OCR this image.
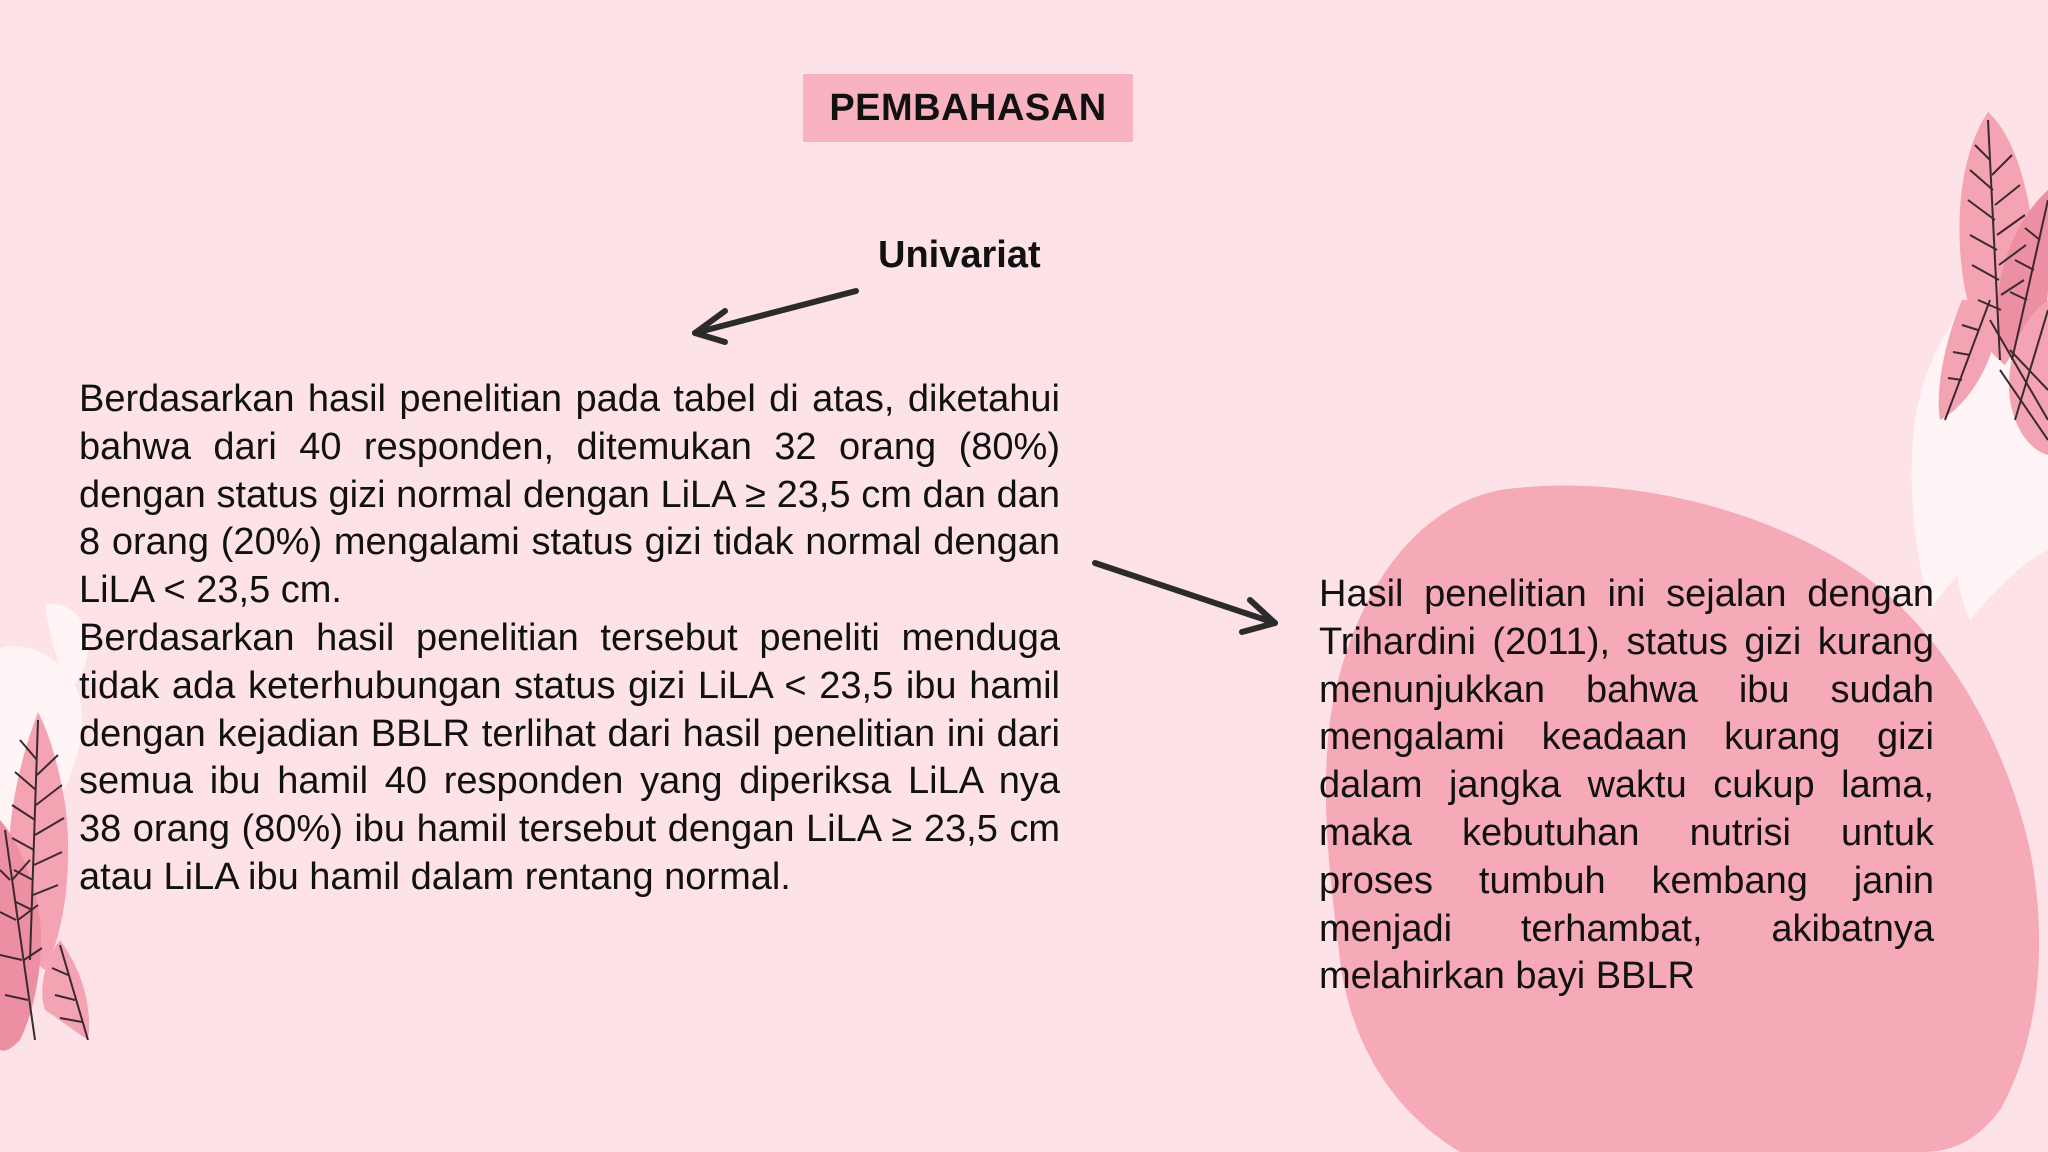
PEMBAHASAN
Univariat

Berdasarkan hasil penelitian pada tabel di atas, diketahui bahwa dari 40 responden, ditemukan 32 orang (80%) dengan status gizi normal dengan LiLA ≥ 23,5 cm dan dan 8 orang (20%) mengalami status gizi tidak normal dengan LiLA < 23,5 cm.

Berdasarkan hasil penelitian tersebut peneliti menduga tidak ada keterhubungan status gizi LiLA < 23,5 ibu hamil dengan kejadian BBLR terlihat dari hasil penelitian ini dari semua ibu hamil 40 responden yang diperiksa LiLA nya 38 orang (80%) ibu hamil tersebut dengan LiLA ≥ 23,5 cm atau LiLA ibu hamil dalam rentang normal.

Hasil penelitian ini sejalan dengan Trihardini (2011), status gizi kurang menunjukkan bahwa ibu sudah mengalami keadaan kurang gizi dalam jangka waktu cukup lama, maka kebutuhan nutrisi untuk proses tumbuh kembang janin menjadi terhambat, akibatnya melahirkan bayi BBLR
